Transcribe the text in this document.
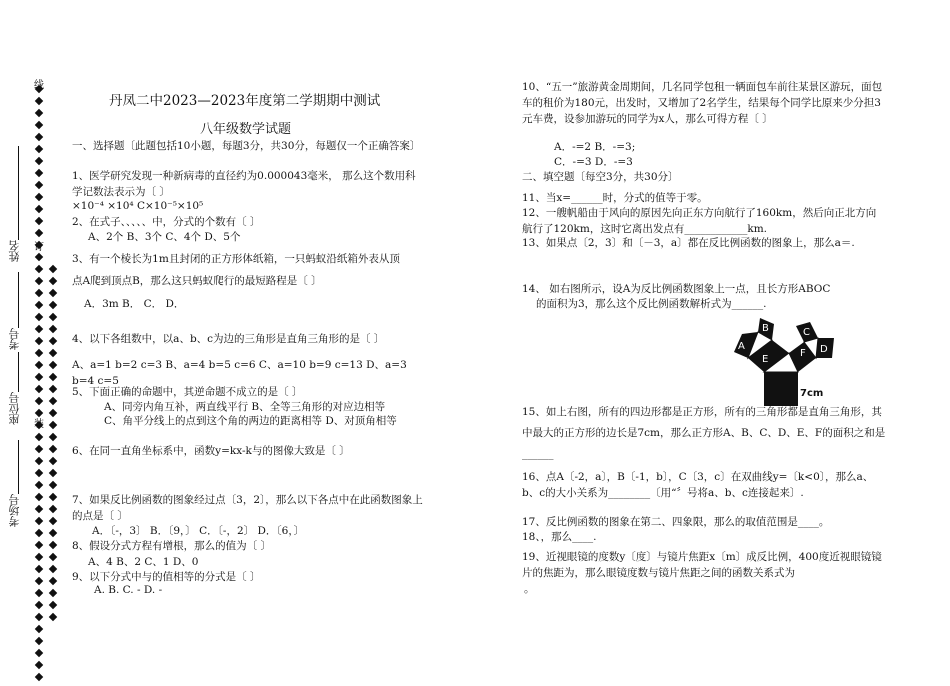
线
订
装
姓名
考号
座位号
考场号
丹凤二中2023—2023年度第二学期期中测试
八年级数学试题
一、选择题〔此题包括10小题，每题3分，共30分，每题仅一个正确答案〕
1、医学研究发现一种新病毒的直径约为0.000043毫米， 那么这个数用科学记数法表示为〔 〕
×10⁻⁴ ×10⁴ C×10⁻⁵×10⁵
2、在式子、、、、、中，分式的个数有〔 〕
A、2个 B、3个 C、4个 D、5个
3、有一个棱长为1m且封闭的正方形体纸箱，一只蚂蚁沿纸箱外表从顶
点A爬到顶点B，那么这只蚂蚁爬行的最短路程是〔 〕
A．3m B． C． D．
4、以下各组数中，以a、b、c为边的三角形是直角三角形的是〔 〕
A、a=1 b=2 c=3 B、a=4 b=5 c=6 C、a=10 b=9 c=13 D、a=3 b=4 c=5
5、下面正确的命题中，其逆命题不成立的是〔 〕
A、同旁内角互补，两直线平行 B、全等三角形的对应边相等
C、角平分线上的点到这个角的两边的距离相等 D、对顶角相等
6、在同一直角坐标系中，函数y=kx-k与的图像大致是〔 〕
7、如果反比例函数的图象经过点〔3，2〕，那么以下各点中在此函数图象上的点是〔 〕
A．〔-，3〕 B．〔9，〕 C．〔-，2〕 D．〔6，〕
8、假设分式方程有增根，那么的值为〔 〕
A、4 B、2 C、1 D、0
9、以下分式中与的值相等的分式是〔 〕
A. B. C. - D. -
10、“五一”旅游黄金周期间，几名同学包租一辆面包车前往某景区游玩，面包车的租价为180元，出发时，又增加了2名学生，结果每个同学比原来少分担3元车费，设参加游玩的同学为x人，那么可得方程〔 〕
A．-=2 B．-=3;
C．-=3 D．-=3
二、填空题〔每空3分，共30分〕
11、当x=______时，分式的值等于零。
12、一艘帆船由于风向的原因先向正东方向航行了160km，然后向正北方向航行了120km，这时它离出发点有____________km.
13、如果点〔2，3〕和〔－3，a〕都在反比例函数的图象上，那么a＝.
14、 如右图所示，设A为反比例函数图象上一点，且长方形ABOC
的面积为3，那么这个反比例函数解析式为______.
A
B	C
D
E
F
7cm
15、如上右图，所有的四边形都是正方形，所有的三角形都是直角三角形，其中最大的正方形的边长是7cm，那么正方形A、B、C、D、E、F的面积之和是______
16、点A〔-2，a〕，B〔-1，b〕，C〔3，c〕在双曲线y=〔k<0〕，那么a、b、c的大小关系为________〔用“〞号将a、b、c连接起来〕.
17、反比例函数的图象在第二、四象限，那么的取值范围是____。
18、，那么____.
19、近视眼镜的度数y〔度〕与镜片焦距x〔m〕成反比例，400度近视眼镜镜片的焦距为，那么眼镜度数与镜片焦距之间的函数关系式为
。
